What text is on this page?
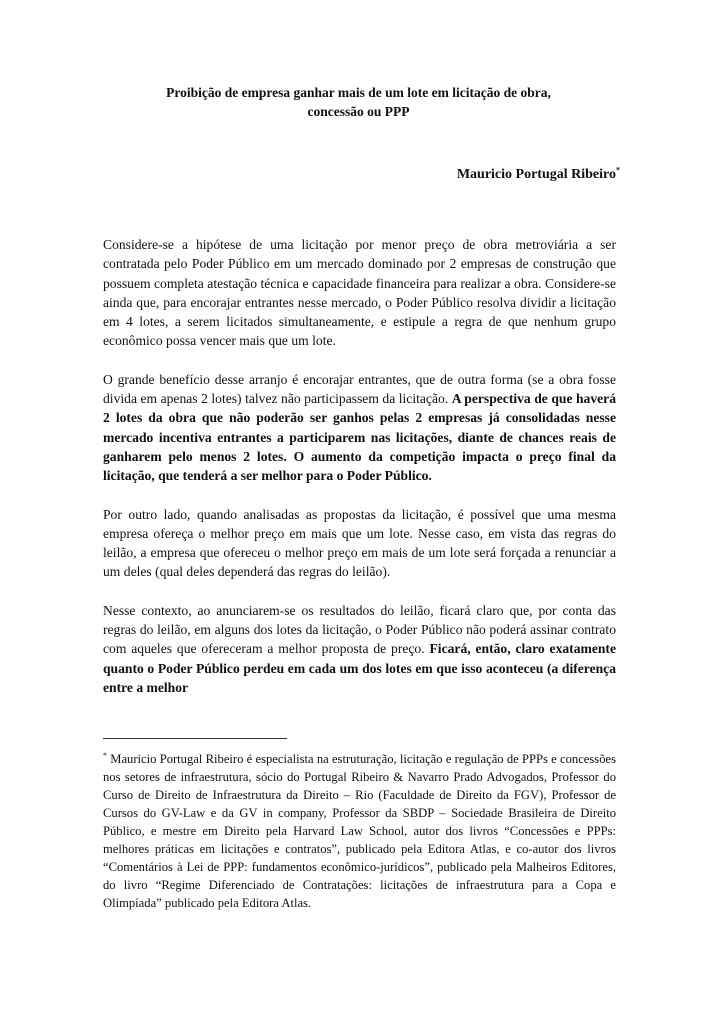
Proibição de empresa ganhar mais de um lote em licitação de obra,
concessão ou PPP
Mauricio Portugal Ribeiro*

Considere-se a hipótese de uma licitação por menor preço de obra metroviária a ser contratada pelo Poder Público em um mercado dominado por 2 empresas de construção que possuem completa atestação técnica e capacidade financeira para realizar a obra. Considere-se ainda que, para encorajar entrantes nesse mercado, o Poder Público resolva dividir a licitação em 4 lotes, a serem licitados simultaneamente, e estipule a regra de que nenhum grupo econômico possa vencer mais que um lote.

O grande benefício desse arranjo é encorajar entrantes, que de outra forma (se a obra fosse divida em apenas 2 lotes) talvez não participassem da licitação. A perspectiva de que haverá 2 lotes da obra que não poderão ser ganhos pelas 2 empresas já consolidadas nesse mercado incentiva entrantes a participarem nas licitações, diante de chances reais de ganharem pelo menos 2 lotes. O aumento da competição impacta o preço final da licitação, que tenderá a ser melhor para o Poder Público.

Por outro lado, quando analisadas as propostas da licitação, é possível que uma mesma empresa ofereça o melhor preço em mais que um lote. Nesse caso, em vista das regras do leilão, a empresa que ofereceu o melhor preço em mais de um lote será forçada a renunciar a um deles (qual deles dependerá das regras do leilão).

Nesse contexto, ao anunciarem-se os resultados do leilão, ficará claro que, por conta das regras do leilão, em alguns dos lotes da licitação, o Poder Público não poderá assinar contrato com aqueles que ofereceram a melhor proposta de preço. Ficará, então, claro exatamente quanto o Poder Público perdeu em cada um dos lotes em que isso aconteceu (a diferença entre a melhor

* Mauricio Portugal Ribeiro é especialista na estruturação, licitação e regulação de PPPs e concessões nos setores de infraestrutura, sócio do Portugal Ribeiro & Navarro Prado Advogados, Professor do Curso de Direito de Infraestrutura da Direito – Rio (Faculdade de Direito da FGV), Professor de Cursos do GV-Law e da GV in company, Professor da SBDP – Sociedade Brasileira de Direito Público, e mestre em Direito pela Harvard Law School, autor dos livros “Concessões e PPPs: melhores práticas em licitações e contratos”, publicado pela Editora Atlas, e co-autor dos livros “Comentários à Lei de PPP: fundamentos econômico-jurídicos”, publicado pela Malheiros Editores, do livro “Regime Diferenciado de Contratações: licitações de infraestrutura para a Copa e Olimpíada” publicado pela Editora Atlas.
